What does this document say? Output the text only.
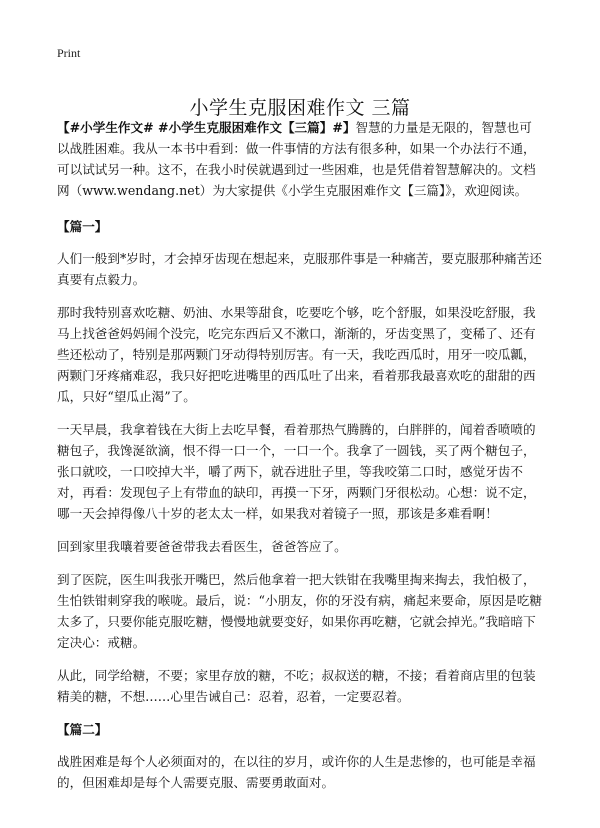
Print
小学生克服困难作文 三篇

【#小学生作文# #小学生克服困难作文【三篇】#】智慧的力量是无限的，智慧也可以战胜困难。我从一本书中看到：做一件事情的方法有很多种，如果一个办法行不通，可以试试另一种。这不，在我小时侯就遇到过一些困难，也是凭借着智慧解决的。文档网（www.wendang.net）为大家提供《小学生克服困难作文【三篇】》，欢迎阅读。

【篇一】

人们一般到*岁时，才会掉牙齿现在想起来，克服那件事是一种痛苦，要克服那种痛苦还真要有点毅力。

那时我特别喜欢吃糖、奶油、水果等甜食，吃要吃个够，吃个舒服，如果没吃舒服，我马上找爸爸妈妈闹个没完，吃完东西后又不漱口，渐渐的，牙齿变黑了，变稀了、还有些还松动了，特别是那两颗门牙动得特别厉害。有一天，我吃西瓜时，用牙一咬瓜瓤，两颗门牙疼痛难忍，我只好把吃进嘴里的西瓜吐了出来，看着那我最喜欢吃的甜甜的西瓜，只好“望瓜止渴”了。

一天早晨，我拿着钱在大街上去吃早餐，看着那热气腾腾的，白胖胖的，闻着香喷喷的糖包子，我馋涎欲滴，恨不得一口一个，一口一个。我拿了一圆钱，买了两个糖包子，张口就咬，一口咬掉大半，嚼了两下，就吞进肚子里，等我咬第二口时，感觉牙齿不对，再看：发现包子上有带血的缺印，再摸一下牙，两颗门牙很松动。心想：说不定，哪一天会掉得像八十岁的老太太一样，如果我对着镜子一照，那该是多难看啊！

回到家里我嚷着要爸爸带我去看医生，爸爸答应了。

到了医院，医生叫我张开嘴巴，然后他拿着一把大铁钳在我嘴里掏来掏去，我怕极了，生怕铁钳刺穿我的喉咙。最后，说：“小朋友，你的牙没有病，痛起来要命，原因是吃糖太多了，只要你能克服吃糖，慢慢地就要变好，如果你再吃糖，它就会掉光。”我暗暗下定决心：戒糖。

从此，同学给糖，不要；家里存放的糖，不吃；叔叔送的糖，不接；看着商店里的包装精美的糖，不想……心里告诫自己：忍着，忍着，一定要忍着。

【篇二】

战胜困难是每个人必须面对的，在以往的岁月，或许你的人生是悲惨的，也可能是幸福的，但困难却是每个人需要克服、需要勇敢面对。
